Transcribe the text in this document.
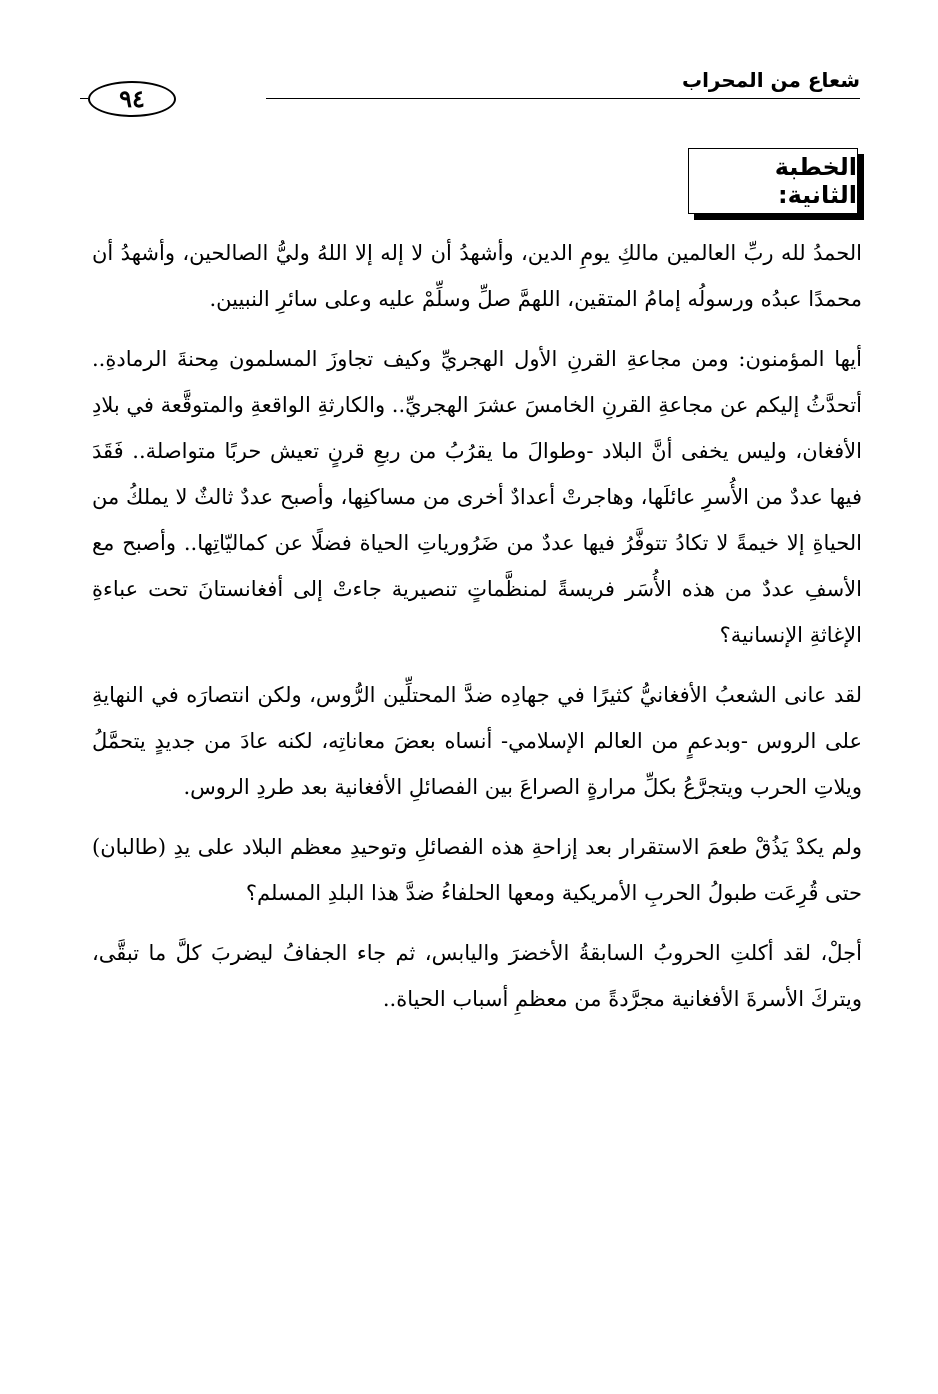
شعاع من المحراب
٩٤
الخطبة الثانية:

الحمدُ لله ربِّ العالمين مالكِ يومِ الدين، وأشهدُ أن لا إله إلا اللهُ وليُّ الصالحين، وأشهدُ أن محمدًا عبدُه ورسولُه إمامُ المتقين، اللهمَّ صلِّ وسلِّمْ عليه وعلى سائرِ النبيين.

أيها المؤمنون: ومن مجاعةِ القرنِ الأول الهجريِّ وكيف تجاوزَ المسلمون مِحنةَ الرمادةِ.. أتحدَّثُ إليكم عن مجاعةِ القرنِ الخامسَ عشرَ الهجريِّ.. والكارثةِ الواقعةِ والمتوقَّعة في بلادِ الأفغان، وليس يخفى أنَّ البلاد -وطوالَ ما يقرُبُ من ربعِ قرنٍ تعيش حربًا متواصلة.. فَقَدَ فيها عددٌ من الأُسرِ عائلَها، وهاجرتْ أعدادٌ أخرى من مساكنِها، وأصبح عددٌ ثالثٌ لا يملكُ من الحياةِ إلا خيمةً لا تكادُ تتوفَّرُ فيها عددٌ من ضَرُورياتِ الحياة فضلًا عن كماليّاتِها.. وأصبح مع الأسفِ عددٌ من هذه الأُسَر فريسةً لمنظَّماتٍ تنصيرية جاءتْ إلى أفغانستانَ تحت عباءةِ الإغاثةِ الإنسانية؟

لقد عانى الشعبُ الأفغانيُّ كثيرًا في جهادِه ضدَّ المحتلِّين الرُّوس، ولكن انتصارَه في النهايةِ على الروس -وبدعمٍ من العالم الإسلامي- أنساه بعضَ معاناتِه، لكنه عادَ من جديدٍ يتحمَّلُ ويلاتِ الحرب ويتجرَّعُ بكلِّ مرارةٍ الصراعَ بين الفصائلِ الأفغانية بعد طردِ الروس.

ولم يكدْ يَذُقْ طعمَ الاستقرار بعد إزاحةِ هذه الفصائلِ وتوحيدِ معظم البلاد على يدِ (طالبان) حتى قُرِعَت طبولُ الحربِ الأمريكية ومعها الحلفاءُ ضدَّ هذا البلدِ المسلم؟

أجلْ، لقد أكلتِ الحروبُ السابقةُ الأخضرَ واليابس، ثم جاء الجفافُ ليضربَ كلَّ ما تبقَّى، ويتركَ الأسرةَ الأفغانية مجرَّدةً من معظمِ أسباب الحياة..
